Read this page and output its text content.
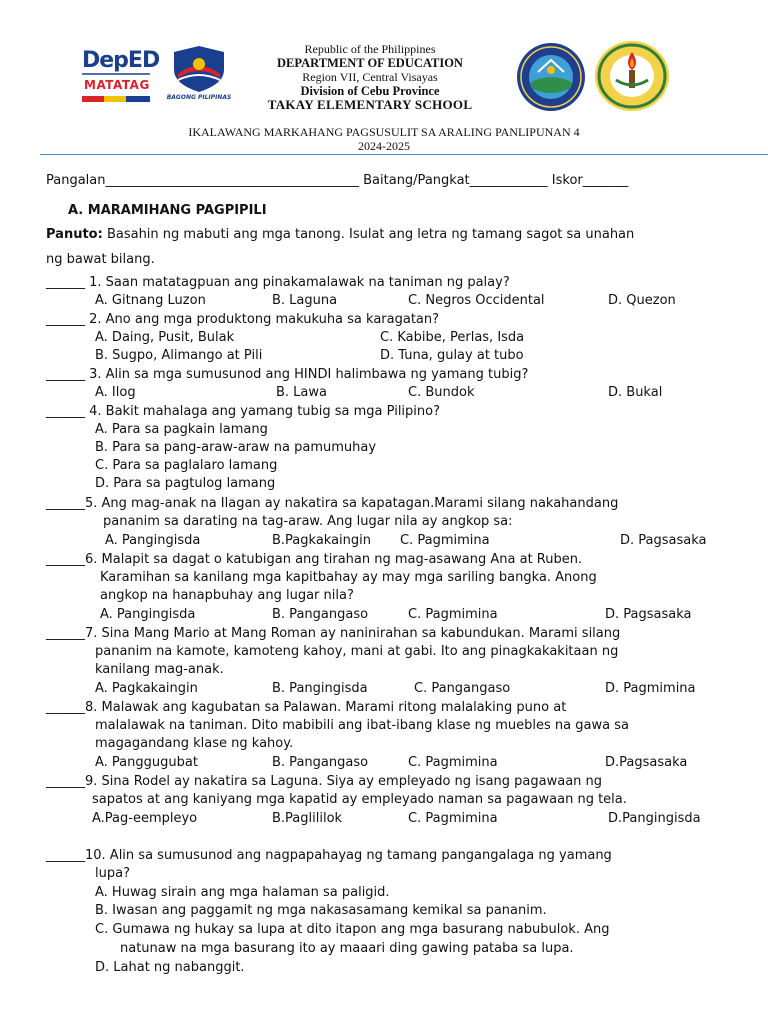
DepED
MATATAG
BAGONG PILIPINAS
Republic of the Philippines
DEPARTMENT OF EDUCATION
Region VII, Central Visayas
Division of Cebu Province
TAKAY ELEMENTARY SCHOOL
IKALAWANG MARKAHANG PAGSUSULIT SA ARALING PANLIPUNAN 4
2024-2025
Pangalan_______________________________________ Baitang/Pangkat____________ Iskor_______
A. MARAMIHANG PAGPIPILI
Panuto: Basahin ng mabuti ang mga tanong. Isulat ang letra ng tamang sagot sa unahan
ng bawat bilang.
______ 1. Saan matatagpuan ang pinakamalawak na taniman ng palay?
A. Gitnang Luzon	B. Laguna	C. Negros Occidental	D. Quezon
______ 2. Ano ang mga produktong makukuha sa karagatan?
A. Daing, Pusit, Bulak	C. Kabibe, Perlas, Isda
B. Sugpo, Alimango at Pili	D. Tuna, gulay at tubo
______ 3. Alin sa mga sumusunod ang HINDI halimbawa ng yamang tubig?
A. Ilog	B. Lawa	C. Bundok	D. Bukal
______ 4. Bakit mahalaga ang yamang tubig sa mga Pilipino?
A. Para sa pagkain lamang
B. Para sa pang-araw-araw na pamumuhay
C. Para sa paglalaro lamang
D. Para sa pagtulog lamang
______5. Ang mag-anak na Ilagan ay nakatira sa kapatagan.Marami silang nakahandang
pananim sa darating na tag-araw. Ang lugar nila ay angkop sa:
A. Pangingisda	B.Pagkakaingin C. Pagmimina	D. Pagsasaka
______6. Malapit sa dagat o katubigan ang tirahan ng mag-asawang Ana at Ruben.
Karamihan sa kanilang mga kapitbahay ay may mga sariling bangka. Anong
angkop na hanapbuhay ang lugar nila?
A. Pangingisda	B. Pangangaso	C. Pagmimina	D. Pagsasaka
______7. Sina Mang Mario at Mang Roman ay naninirahan sa kabundukan. Marami silang
pananim na kamote, kamoteng kahoy, mani at gabi. Ito ang pinagkakakitaan ng
kanilang mag-anak.
A. Pagkakaingin	B. Pangingisda	C. Pangangaso	D. Pagmimina
______8. Malawak ang kagubatan sa Palawan. Marami ritong malalaking puno at
malalawak na taniman. Dito mabibili ang ibat-ibang klase ng muebles na gawa sa
magagandang klase ng kahoy.
A. Panggugubat	B. Pangangaso	C. Pagmimina	D.Pagsasaka
______9. Sina Rodel ay nakatira sa Laguna. Siya ay empleyado ng isang pagawaan ng
sapatos at ang kaniyang mga kapatid ay empleyado naman sa pagawaan ng tela.
A.Pag-eempleyo	B.Paglililok	C. Pagmimina	D.Pangingisda
______10. Alin sa sumusunod ang nagpapahayag ng tamang pangangalaga ng yamang
lupa?
A. Huwag sirain ang mga halaman sa paligid.
B. Iwasan ang paggamit ng mga nakasasamang kemikal sa pananim.
C. Gumawa ng hukay sa lupa at dito itapon ang mga basurang nabubulok. Ang
natunaw na mga basurang ito ay maaari ding gawing pataba sa lupa.
D. Lahat ng nabanggit.
